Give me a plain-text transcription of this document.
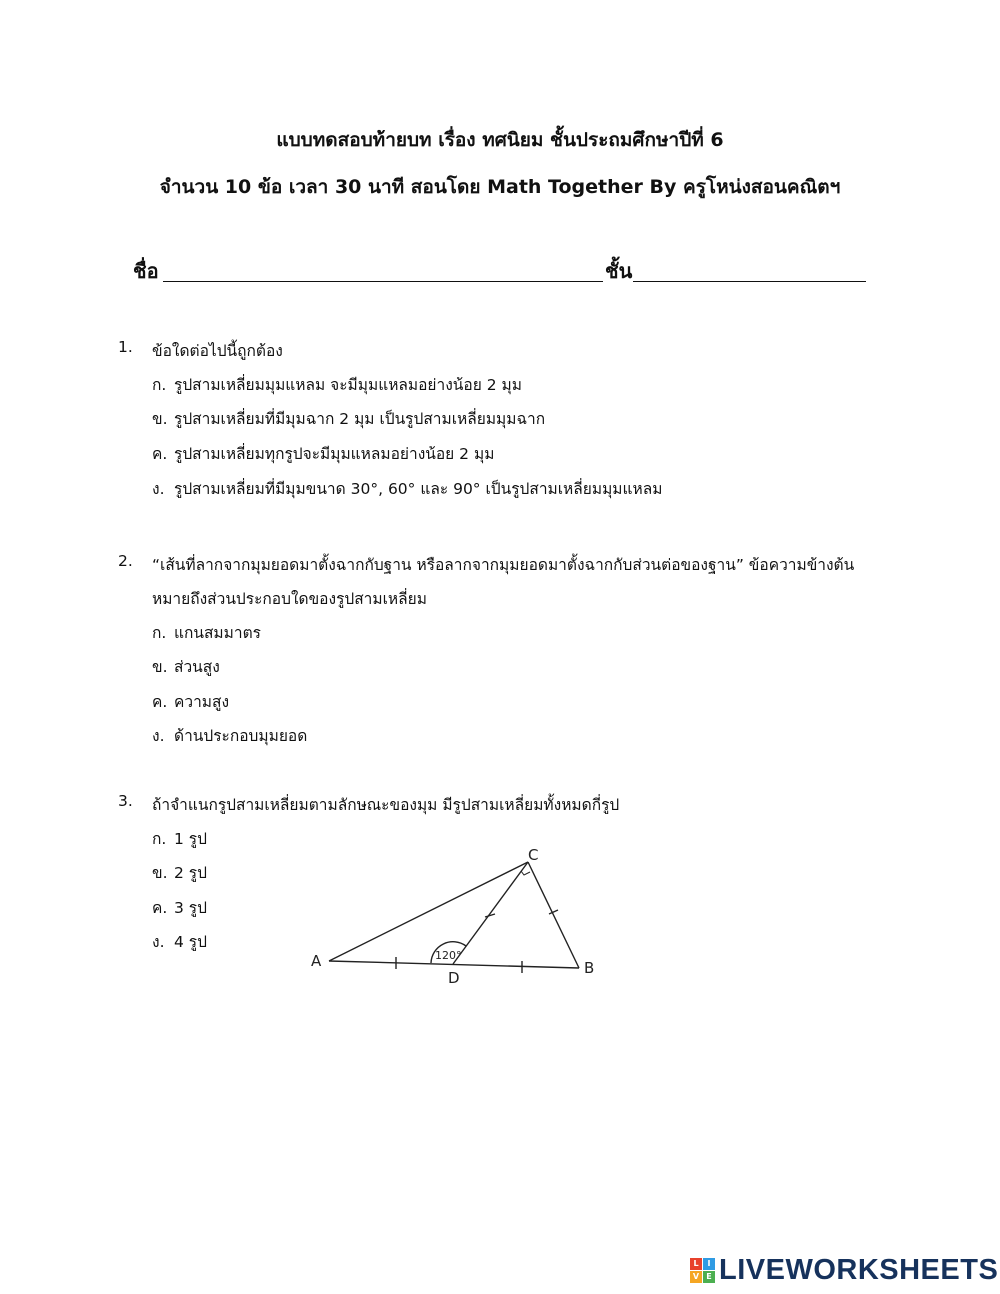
แบบทดสอบท้ายบท เรื่อง ทศนิยม ชั้นประถมศึกษาปีที่ 6
จำนวน 10 ข้อ เวลา 30 นาที สอนโดย Math Together By ครูโหน่งสอนคณิตฯ
ชื่อ	ชั้น
1. ข้อใดต่อไปนี้ถูกต้อง
ก. รูปสามเหลี่ยมมุมแหลม จะมีมุมแหลมอย่างน้อย 2 มุม
ข. รูปสามเหลี่ยมที่มีมุมฉาก 2 มุม เป็นรูปสามเหลี่ยมมุมฉาก
ค. รูปสามเหลี่ยมทุกรูปจะมีมุมแหลมอย่างน้อย 2 มุม
ง. รูปสามเหลี่ยมที่มีมุมขนาด 30°, 60° และ 90° เป็นรูปสามเหลี่ยมมุมแหลม
2. “เส้นที่ลากจากมุมยอดมาตั้งฉากกับฐาน หรือลากจากมุมยอดมาตั้งฉากกับส่วนต่อของฐาน” ข้อความข้างต้น
หมายถึงส่วนประกอบใดของรูปสามเหลี่ยม
ก. แกนสมมาตร
ข. ส่วนสูง
ค. ความสูง
ง. ด้านประกอบมุมยอด
3. ถ้าจำแนกรูปสามเหลี่ยมตามลักษณะของมุม มีรูปสามเหลี่ยมทั้งหมดกี่รูป
ก. 1 รูป
ข. 2 รูป
ค. 3 รูป
ง. 4 รูป
A	B
C
D
120°
L	I
V E LIVEWORKSHEETS
